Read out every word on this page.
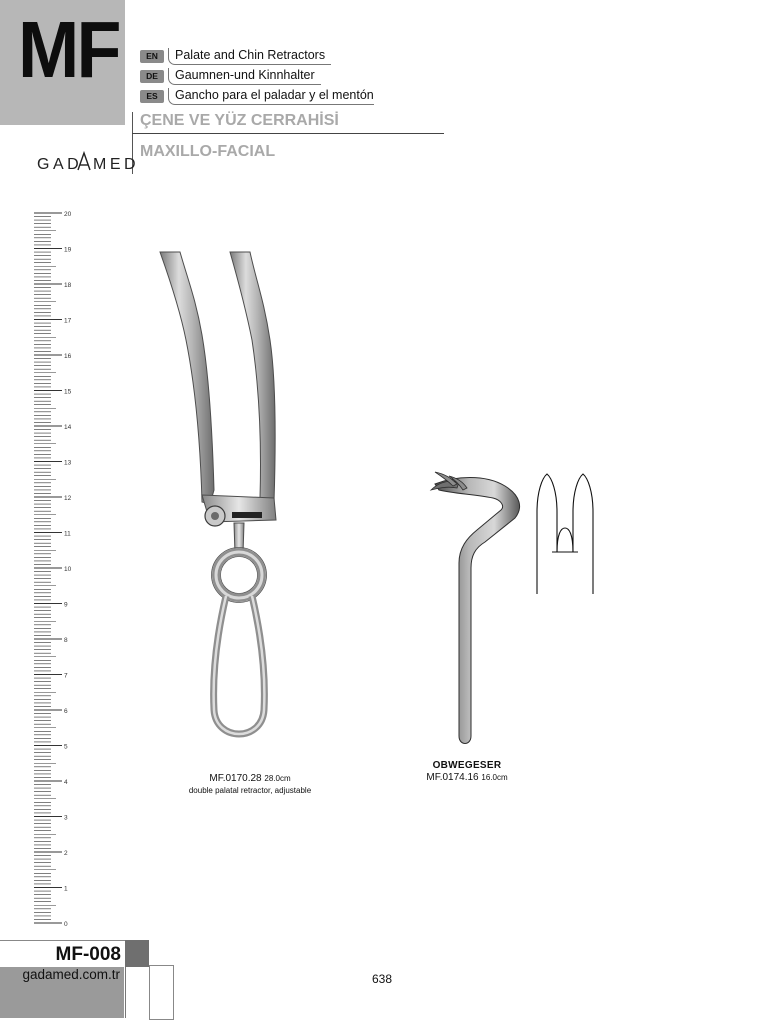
MF	EN	Palate and Chin Retractors
DE	Gaumnen-und Kinnhalter
ES	Gancho para el paladar y el mentón
ÇENE VE YÜZ CERRAHİSİ
MAXILLO-FACIAL
GAD MED
20
19
18
17
16
15
14
13
12
11
10
9
8
7
6
5
4
3
2
1
0
MF.0170.28 28.0cm
double palatal retractor, adjustable
OBWEGESER
MF.0174.16 16.0cm
MF-008
gadamed.com.tr	638
